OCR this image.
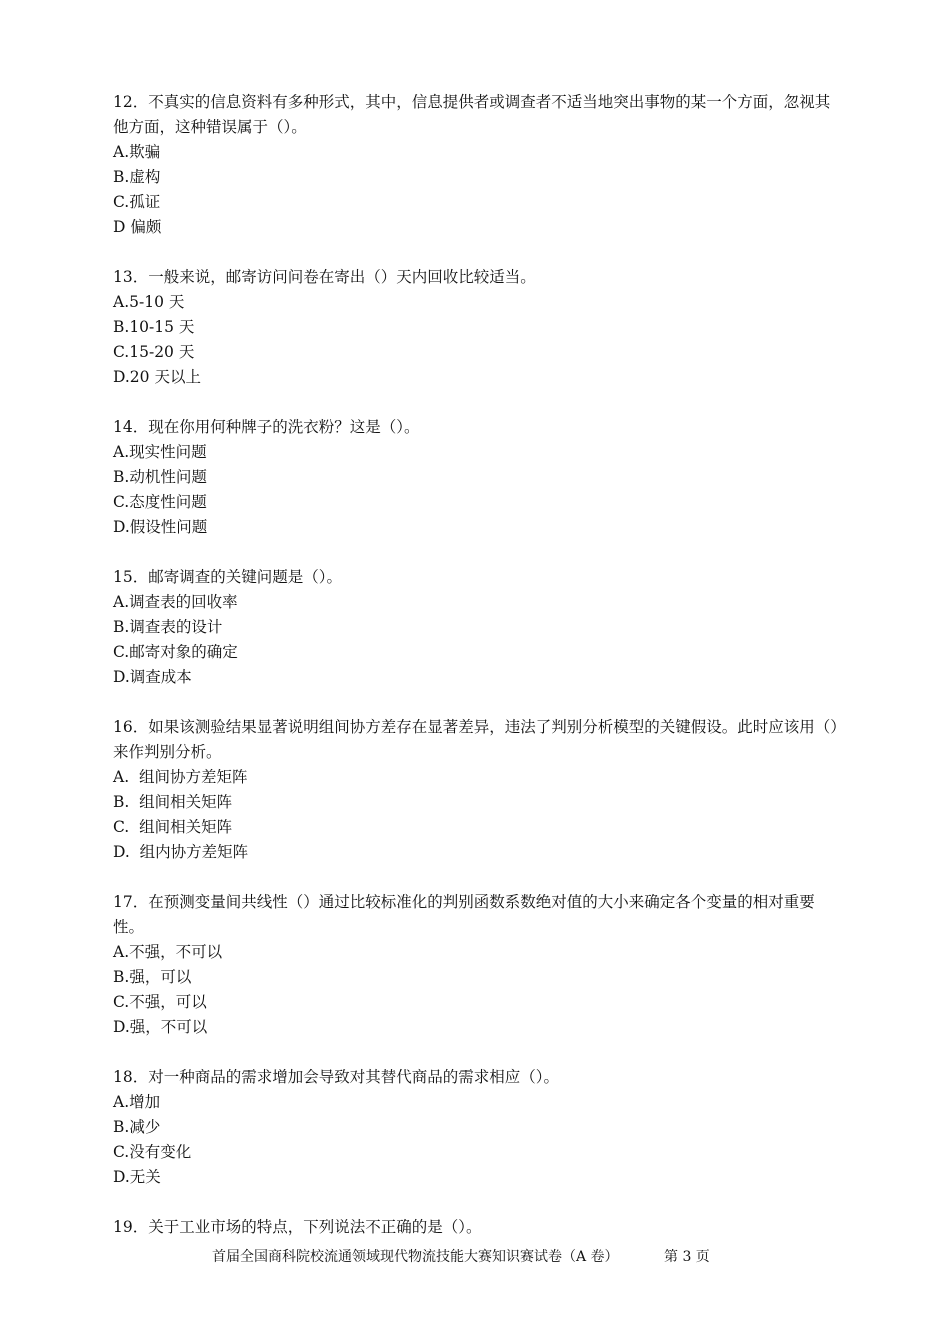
12．不真实的信息资料有多种形式，其中，信息提供者或调查者不适当地突出事物的某一个方面，忽视其他方面，这种错误属于（）。

A.欺骗

B.虚构

C.孤证

D 偏颇

13．一般来说，邮寄访问问卷在寄出（）天内回收比较适当。

A.5-10 天

B.10-15 天

C.15-20 天

D.20 天以上

14．现在你用何种牌子的洗衣粉？这是（）。

A.现实性问题

B.动机性问题

C.态度性问题

D.假设性问题

15．邮寄调查的关键问题是（）。

A.调查表的回收率

B.调查表的设计

C.邮寄对象的确定

D.调查成本

16．如果该测验结果显著说明组间协方差存在显著差异，违法了判别分析模型的关键假设。此时应该用（）来作判别分析。

A.  组间协方差矩阵

B.  组间相关矩阵

C.  组间相关矩阵

D.  组内协方差矩阵

17．在预测变量间共线性（）通过比较标准化的判别函数系数绝对值的大小来确定各个变量的相对重要性。

A.不强，不可以

B.强，可以

C.不强，可以

D.强，不可以

18．对一种商品的需求增加会导致对其替代商品的需求相应（）。

A.增加

B.减少

C.没有变化

D.无关

19．关于工业市场的特点，下列说法不正确的是（）。

首届全国商科院校流通领域现代物流技能大赛知识赛试卷（A 卷）	第 3 页
